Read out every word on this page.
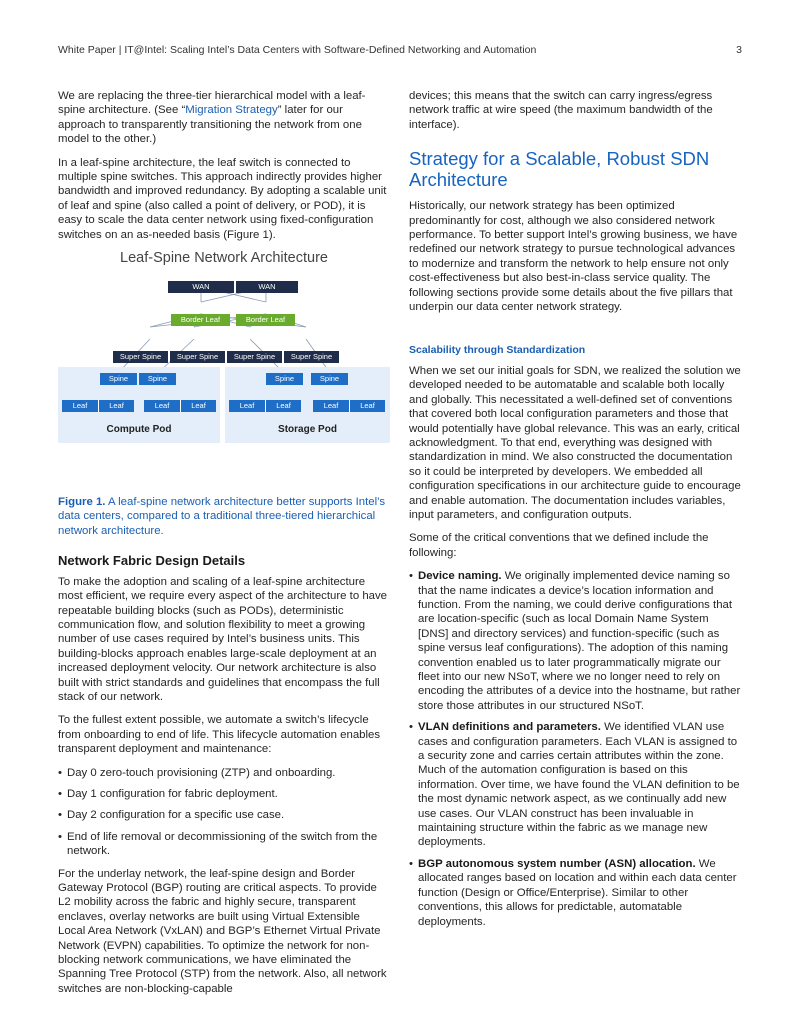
White Paper | IT@Intel: Scaling Intel’s Data Centers with Software-Defined Networking and Automation	3

We are replacing the three-tier hierarchical model with a leaf-spine architecture. (See “Migration Strategy” later for our approach to transparently transitioning the network from one model to the other.)

In a leaf-spine architecture, the leaf switch is connected to multiple spine switches. This approach indirectly provides higher bandwidth and improved redundancy. By adopting a scalable unit of leaf and spine (also called a point of delivery, or POD), it is easy to scale the data center network using fixed-configuration switches on an as-needed basis (Figure 1).

Leaf-Spine Network Architecture
WAN	WAN
Border Leaf	Border Leaf
Super Spine	Super Spine	Super Spine	Super Spine
Spine	Spine
Leaf	Leaf	Leaf	Leaf
Spine	Spine
Leaf	Leaf	Leaf	Leaf
Compute Pod	Storage Pod

Figure 1. A leaf-spine network architecture better supports Intel’s data centers, compared to a traditional three-tiered hierarchical network architecture.

Network Fabric Design Details

To make the adoption and scaling of a leaf-spine architecture most efficient, we require every aspect of the architecture to have repeatable building blocks (such as PODs), deterministic communication flow, and solution flexibility to meet a growing number of use cases required by Intel’s business units. This building-blocks approach enables large-scale deployment at an increased deployment velocity. Our network architecture is also built with strict standards and guidelines that encompass the full stack of our network.

To the fullest extent possible, we automate a switch’s lifecycle from onboarding to end of life. This lifecycle automation enables transparent deployment and maintenance:

• Day 0 zero-touch provisioning (ZTP) and onboarding.
• Day 1 configuration for fabric deployment.
• Day 2 configuration for a specific use case.
• End of life removal or decommissioning of the switch from the network.

For the underlay network, the leaf-spine design and Border Gateway Protocol (BGP) routing are critical aspects. To provide L2 mobility across the fabric and highly secure, transparent enclaves, overlay networks are built using Virtual Extensible Local Area Network (VxLAN) and BGP’s Ethernet Virtual Private Network (EVPN) capabilities. To optimize the network for non-blocking network communications, we have eliminated the Spanning Tree Protocol (STP) from the network. Also, all network switches are non-blocking-capable

devices; this means that the switch can carry ingress/egress network traffic at wire speed (the maximum bandwidth of the interface).

Strategy for a Scalable, Robust SDN Architecture

Historically, our network strategy has been optimized predominantly for cost, although we also considered network performance. To better support Intel’s growing business, we have redefined our network strategy to pursue technological advances to modernize and transform the network to help ensure not only cost-effectiveness but also best-in-class service quality. The following sections provide some details about the five pillars that underpin our data center network strategy.

Scalability through Standardization

When we set our initial goals for SDN, we realized the solution we developed needed to be automatable and scalable both locally and globally. This necessitated a well-defined set of conventions that covered both local configuration parameters and those that would potentially have global relevance. This was an early, critical acknowledgment. To that end, everything was designed with standardization in mind. We also constructed the documentation so it could be interpreted by developers. We embedded all configuration specifications in our architecture guide to encourage and enable automation. The documentation includes variables, input parameters, and configuration outputs.

Some of the critical conventions that we defined include the following:

• Device naming. We originally implemented device naming so that the name indicates a device’s location information and function. From the naming, we could derive configurations that are location-specific (such as local Domain Name System [DNS] and directory services) and function-specific (such as spine versus leaf configurations). The adoption of this naming convention enabled us to later programmatically migrate our fleet into our new NSoT, where we no longer need to rely on encoding the attributes of a device into the hostname, but rather store those attributes in our structured NSoT.
• VLAN definitions and parameters. We identified VLAN use cases and configuration parameters. Each VLAN is assigned to a security zone and carries certain attributes within the zone. Much of the automation configuration is based on this information. Over time, we have found the VLAN definition to be the most dynamic network aspect, as we continually add new use cases. Our VLAN construct has been invaluable in maintaining structure within the fabric as we manage new deployments.
• BGP autonomous system number (ASN) allocation. We allocated ranges based on location and within each data center function (Design or Office/Enterprise). Similar to other conventions, this allows for predictable, automatable deployments.
